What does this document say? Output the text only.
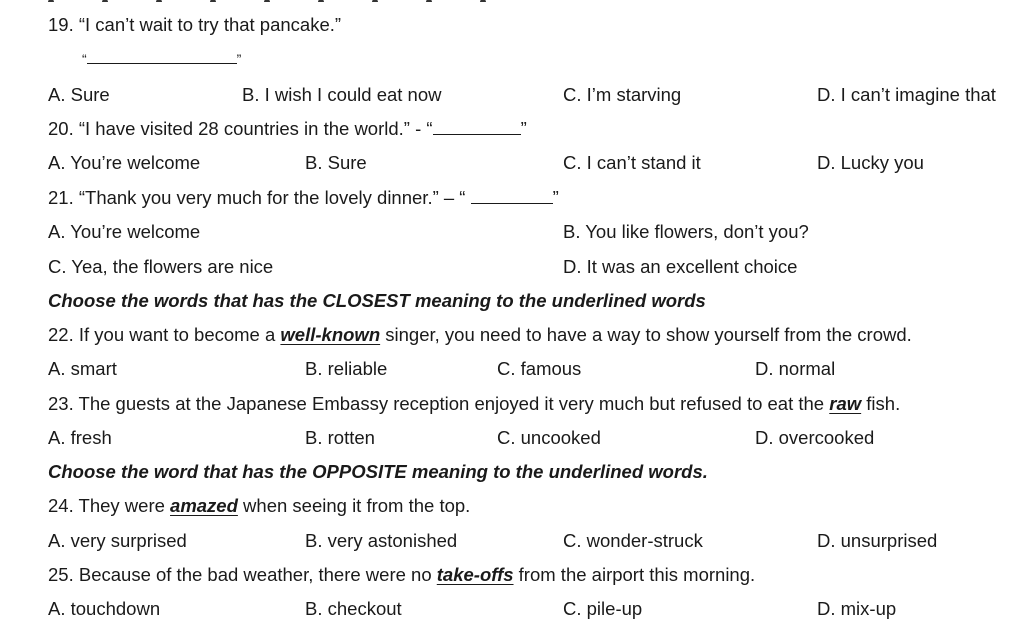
19. “I can’t wait to try that pancake.”
“	”
A. Sure	B. I wish I could eat now	C. I’m starving	D. I can’t imagine that
20. “I have visited 28 countries in the world.” - “	”
A. You’re welcome	B. Sure	C. I can’t stand it	D. Lucky you
21. “Thank you very much for the lovely dinner.” – “	”
A. You’re welcome	B. You like flowers, don’t you?
C. Yea, the flowers are nice	D. It was an excellent choice
Choose the words that has the CLOSEST meaning to the underlined words
22. If you want to become a well-known singer, you need to have a way to show yourself from the crowd.
A. smart	B. reliable	C. famous	D. normal
23. The guests at the Japanese Embassy reception enjoyed it very much but refused to eat the raw fish.
A. fresh	B. rotten	C. uncooked	D. overcooked
Choose the word that has the OPPOSITE meaning to the underlined words.
24. They were amazed when seeing it from the top.
A. very surprised	B. very astonished	C. wonder-struck	D. unsurprised
25. Because of the bad weather, there were no take-offs from the airport this morning.
A. touchdown	B. checkout	C. pile-up	D. mix-up
